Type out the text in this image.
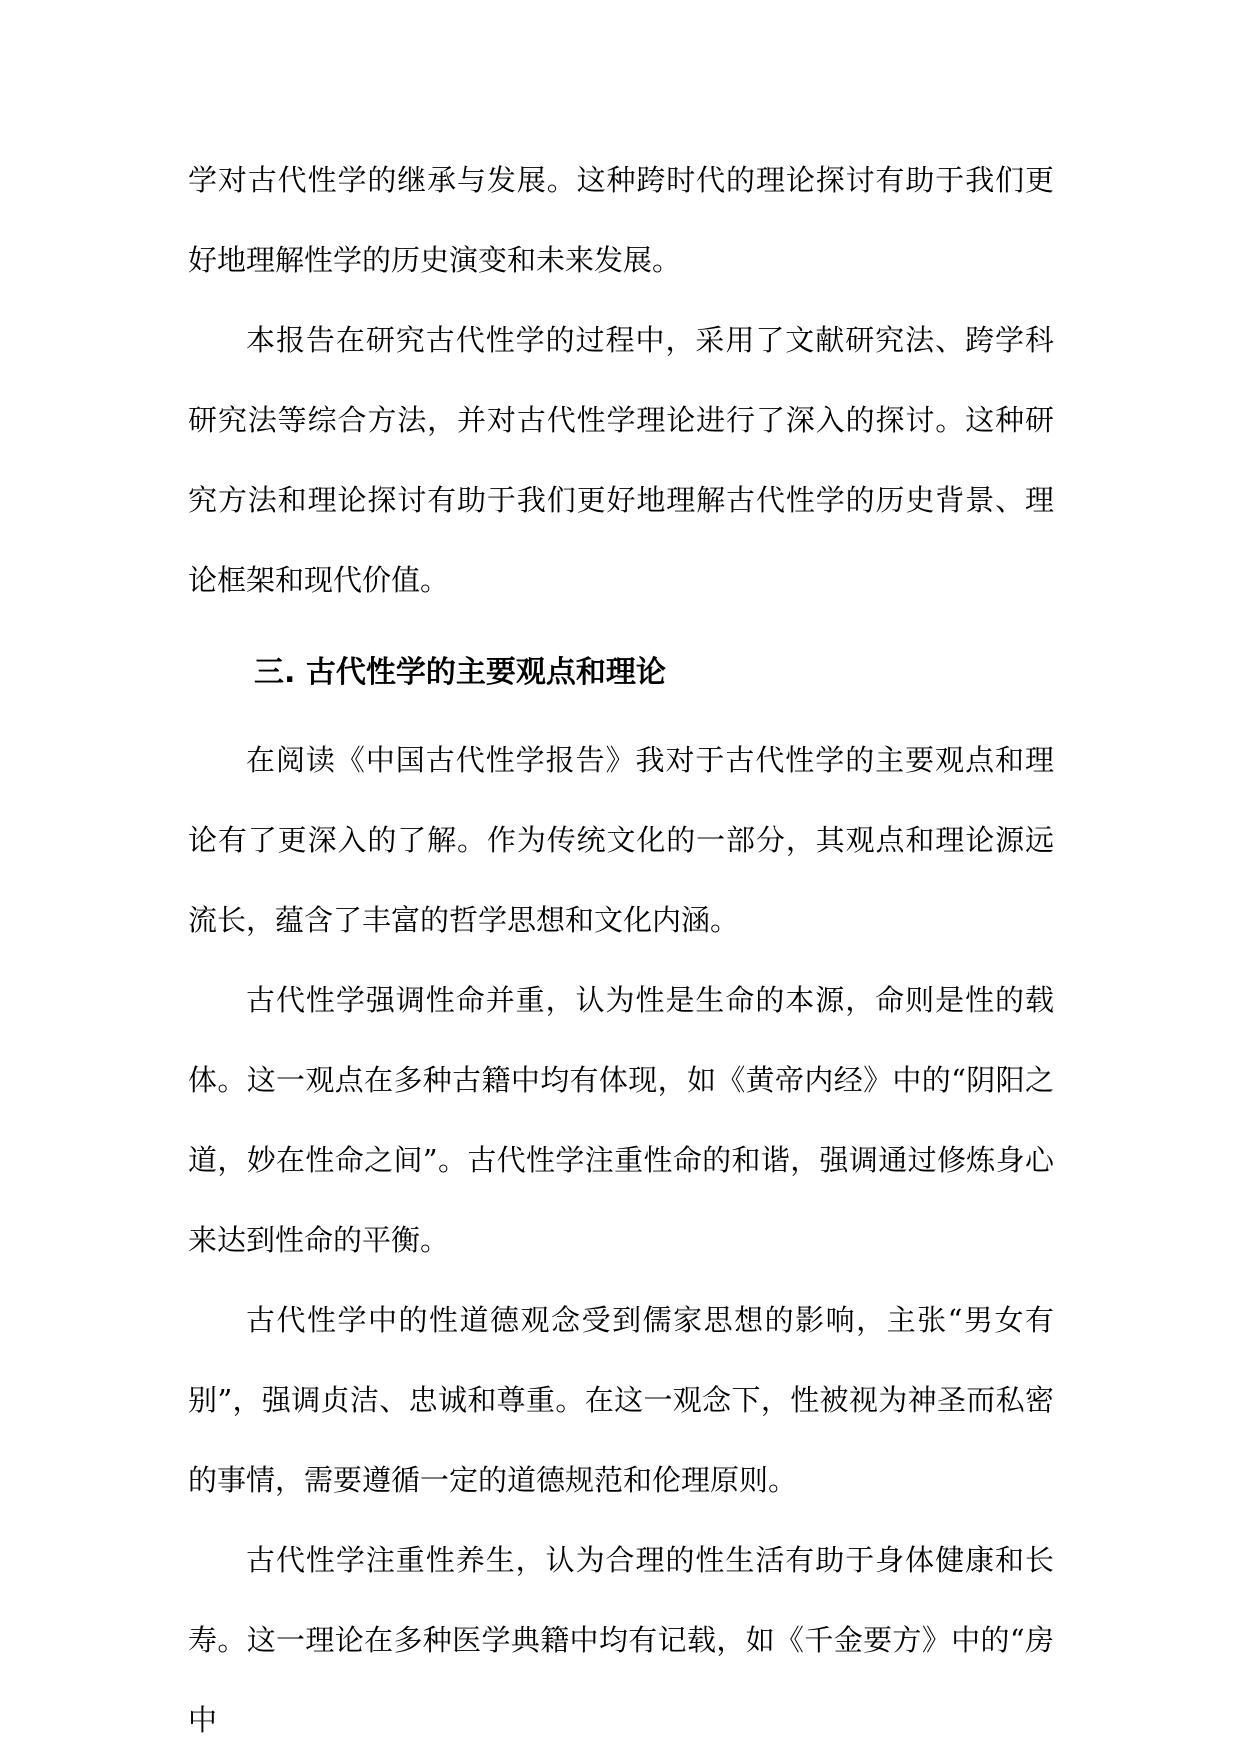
学对古代性学的继承与发展。这种跨时代的理论探讨有助于我们更好地理解性学的历史演变和未来发展。

本报告在研究古代性学的过程中，采用了文献研究法、跨学科研究法等综合方法，并对古代性学理论进行了深入的探讨。这种研究方法和理论探讨有助于我们更好地理解古代性学的历史背景、理论框架和现代价值。

三. 古代性学的主要观点和理论

在阅读《中国古代性学报告》我对于古代性学的主要观点和理论有了更深入的了解。作为传统文化的一部分，其观点和理论源远流长，蕴含了丰富的哲学思想和文化内涵。

古代性学强调性命并重，认为性是生命的本源，命则是性的载体。这一观点在多种古籍中均有体现，如《黄帝内经》中的“阴阳之道，妙在性命之间”。古代性学注重性命的和谐，强调通过修炼身心来达到性命的平衡。

古代性学中的性道德观念受到儒家思想的影响，主张“男女有别”，强调贞洁、忠诚和尊重。在这一观念下，性被视为神圣而私密的事情，需要遵循一定的道德规范和伦理原则。

古代性学注重性养生，认为合理的性生活有助于身体健康和长寿。这一理论在多种医学典籍中均有记载，如《千金要方》中的“房中
